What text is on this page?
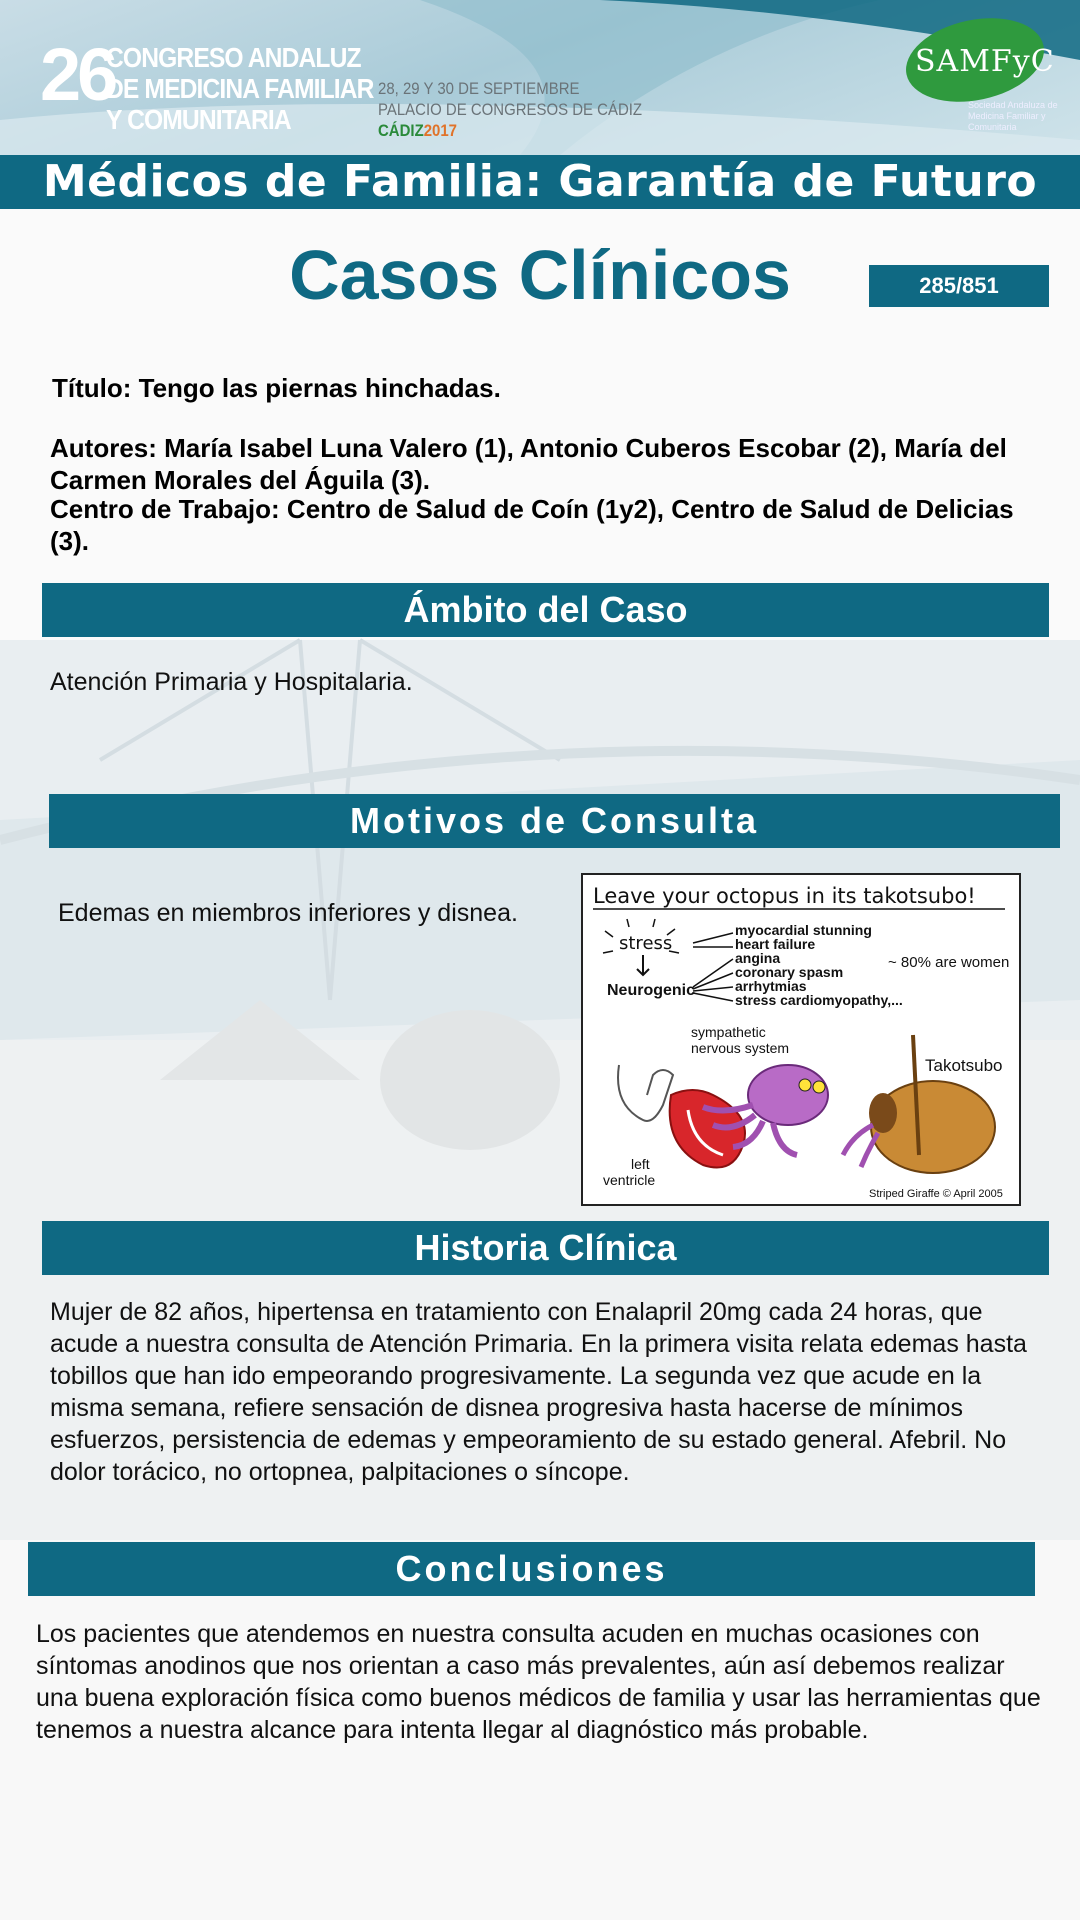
26
CONGRESO ANDALUZ
DE MEDICINA FAMILIAR
Y COMUNITARIA
28, 29 Y 30 DE SEPTIEMBRE
PALACIO DE CONGRESOS DE CÁDIZ
CÁDIZ2017
SAMFyC
Sociedad Andaluza de Medicina Familiar y Comunitaria
Médicos de Familia: Garantía de Futuro
Casos Clínicos	285/851
Título: Tengo las piernas hinchadas.
Autores: María Isabel Luna Valero (1), Antonio Cuberos Escobar (2), María del Carmen Morales del Águila (3).
Centro de Trabajo: Centro de Salud de Coín (1y2), Centro de Salud de Delicias (3).
Ámbito del Caso
Atención Primaria y Hospitalaria.
Motivos de Consulta
Edemas en miembros inferiores y disnea.
Leave your octopus in its takotsubo!
stress
Neurogenic
myocardial stunning
heart failure
angina
coronary spasm
arrhytmias
stress cardiomyopathy,...
~ 80% are women
sympathetic
nervous system
Takotsubo
left
ventricle
Striped Giraffe © April 2005
Historia Clínica
Mujer de 82 años, hipertensa en tratamiento con Enalapril 20mg cada 24 horas, que acude a nuestra consulta de Atención Primaria. En la primera visita relata edemas hasta tobillos que han ido empeorando progresivamente. La segunda vez que acude en la misma semana, refiere sensación de disnea progresiva hasta hacerse de mínimos esfuerzos, persistencia de edemas y empeoramiento de su estado general. Afebril. No dolor torácico, no ortopnea, palpitaciones o síncope.
Conclusiones
Los pacientes que atendemos en nuestra consulta acuden en muchas ocasiones con síntomas anodinos que nos orientan a caso más prevalentes, aún así debemos realizar una buena exploración física como buenos médicos de familia y usar las herramientas que tenemos a nuestra alcance para intenta llegar al diagnóstico más probable.
